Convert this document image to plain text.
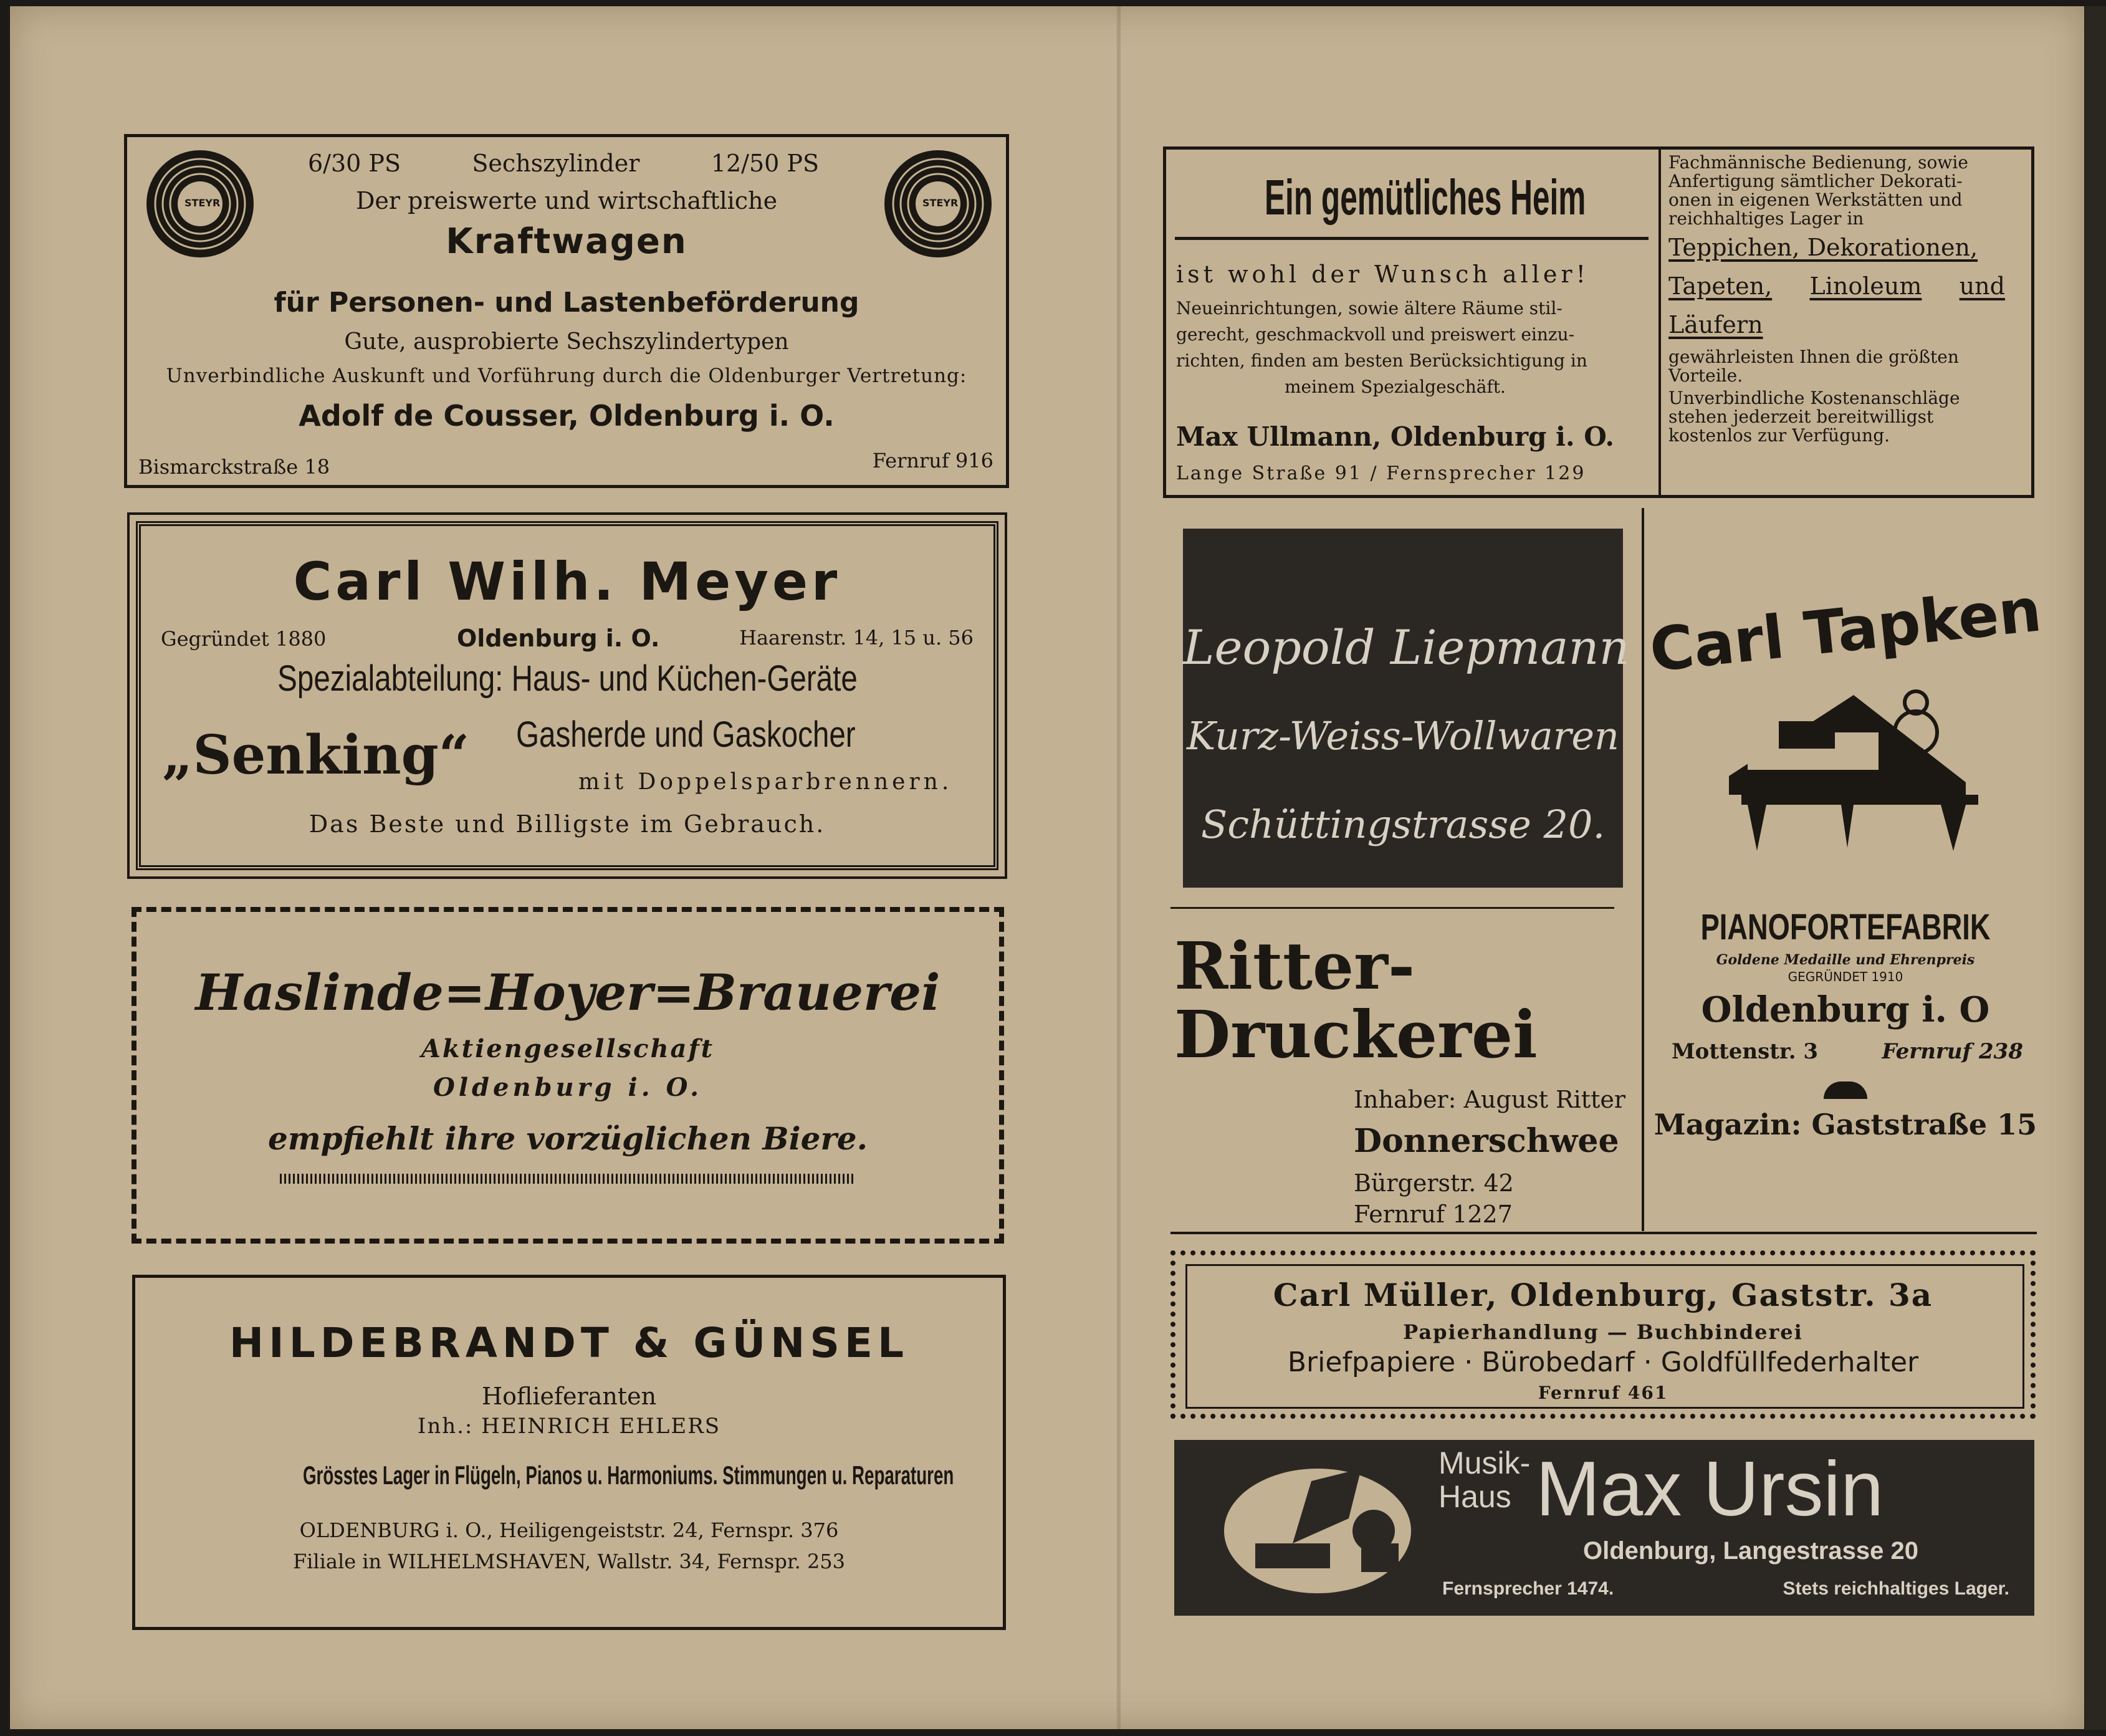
STEYR	STEYR
6/30 PS	Sechszylinder	12/50 PS
Der preiswerte und wirtschaftliche
Kraftwagen
für Personen- und Lastenbeförderung
Gute, ausprobierte Sechszylindertypen
Unverbindliche Auskunft und Vorführung durch die Oldenburger Vertretung:
Adolf de Cousser, Oldenburg i. O.
Bismarckstraße 18	Fernruf 916
Carl Wilh. Meyer
Gegründet 1880	Oldenburg i. O.	Haarenstr. 14, 15 u. 56
Spezialabteilung: Haus- und Küchen-Geräte
„Senking“ Gasherde und Gaskocher
mit Doppelsparbrennern.
Das Beste und Billigste im Gebrauch.
Haslinde=Hoyer=Brauerei
Aktiengesellschaft
Oldenburg i. O.
empfiehlt ihre vorzüglichen Biere.
HILDEBRANDT & GÜNSEL
Hoflieferanten
Inh.: HEINRICH EHLERS
Grösstes Lager in Flügeln, Pianos u. Harmoniums. Stimmungen u. Reparaturen
OLDENBURG i. O., Heiligengeiststr. 24, Fernspr. 376
Filiale in WILHELMSHAVEN, Wallstr. 34, Fernspr. 253
Ein gemütliches Heim
ist wohl der Wunsch aller!
Neueinrichtungen, sowie ältere Räume stil-
gerecht, geschmackvoll und preiswert einzu-
richten, finden am besten Berücksichtigung in
meinem Spezialgeschäft.
Max Ullmann, Oldenburg i. O.
Lange Straße 91 / Fernsprecher 129
Fachmännische Bedienung, sowie
Anfertigung sämtlicher Dekorati-
onen in eigenen Werkstätten und
reichhaltiges Lager in
Teppichen, Dekorationen,
Tapeten, Linoleum und
Läufern
gewährleisten Ihnen die größten
Vorteile.
Unverbindliche Kostenanschläge
stehen jederzeit bereitwilligst
kostenlos zur Verfügung.
Leopold Liepmann
Kurz-Weiss-Wollwaren
Schüttingstrasse 20.
Carl Tapken
PIANOFORTEFABRIK
Goldene Medaille und Ehrenpreis
GEGRÜNDET 1910
Oldenburg i. O
Mottenstr. 3	Fernruf 238
Magazin: Gaststraße 15
Ritter-
Druckerei
Inhaber: August Ritter
Donnerschwee
Bürgerstr. 42
Fernruf 1227
Carl Müller, Oldenburg, Gaststr. 3a
Papierhandlung — Buchbinderei
Briefpapiere · Bürobedarf · Goldfüllfederhalter
Fernruf 461
Musik-
Haus Max Ursin
Oldenburg, Langestrasse 20
Fernsprecher 1474.	Stets reichhaltiges Lager.
